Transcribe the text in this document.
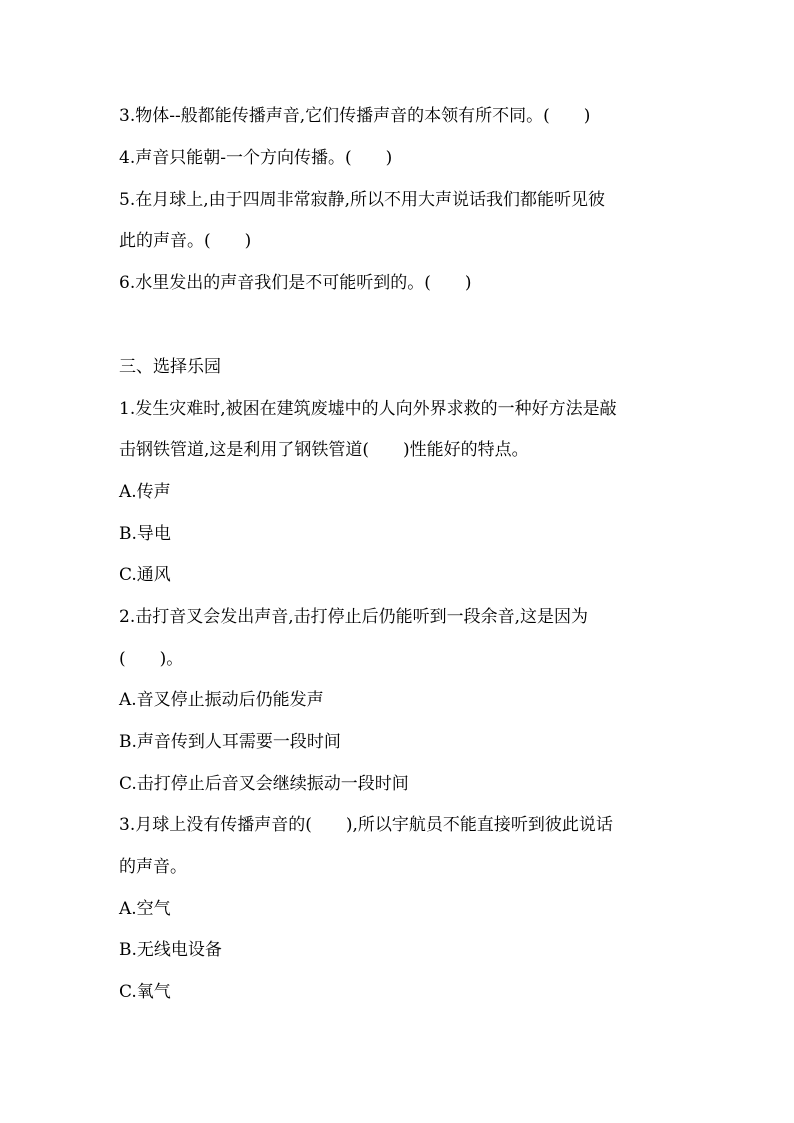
3.物体--般都能传播声音,它们传播声音的本领有所不同。(　　)
4.声音只能朝-一个方向传播。(　　)
5.在月球上,由于四周非常寂静,所以不用大声说话我们都能听见彼
此的声音。(　　)
6.水里发出的声音我们是不可能听到的。(　　)
三、选择乐园
1.发生灾难时,被困在建筑废墟中的人向外界求救的一种好方法是敲
击钢铁管道,这是利用了钢铁管道(　　)性能好的特点。
A.传声
B.导电
C.通风
2.击打音叉会发出声音,击打停止后仍能听到一段余音,这是因为
(　　)。
A.音叉停止振动后仍能发声
B.声音传到人耳需要一段时间
C.击打停止后音叉会继续振动一段时间
3.月球上没有传播声音的(　　),所以宇航员不能直接听到彼此说话
的声音。
A.空气
B.无线电设备
C.氧气
